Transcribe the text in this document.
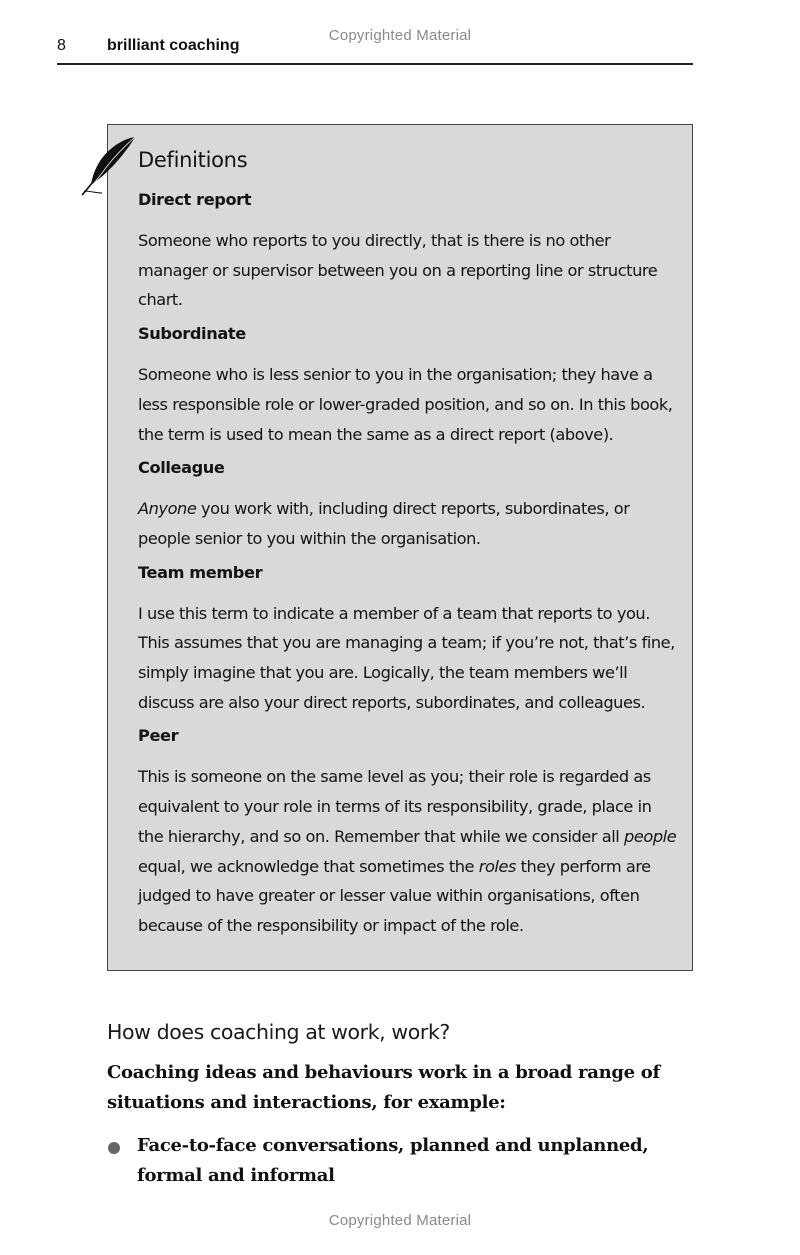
Copyrighted Material
8	brilliant coaching
Definitions
Direct report

Someone who reports to you directly, that is there is no other manager or supervisor between you on a reporting line or structure chart.

Subordinate

Someone who is less senior to you in the organisation; they have a less responsible role or lower-graded position, and so on. In this book, the term is used to mean the same as a direct report (above).

Colleague

Anyone you work with, including direct reports, subordinates, or people senior to you within the organisation.

Team member

I use this term to indicate a member of a team that reports to you. This assumes that you are managing a team; if you’re not, that’s fine, simply imagine that you are. Logically, the team members we’ll discuss are also your direct reports, subordinates, and colleagues.

Peer

This is someone on the same level as you; their role is regarded as equivalent to your role in terms of its responsibility, grade, place in the hierarchy, and so on. Remember that while we consider all people equal, we acknowledge that sometimes the roles they perform are judged to have greater or lesser value within organisations, often because of the responsibility or impact of the role.

How does coaching at work, work?

Coaching ideas and behaviours work in a broad range of situations and interactions, for example:

Face-to-face conversations, planned and unplanned, formal and informal
Copyrighted Material
